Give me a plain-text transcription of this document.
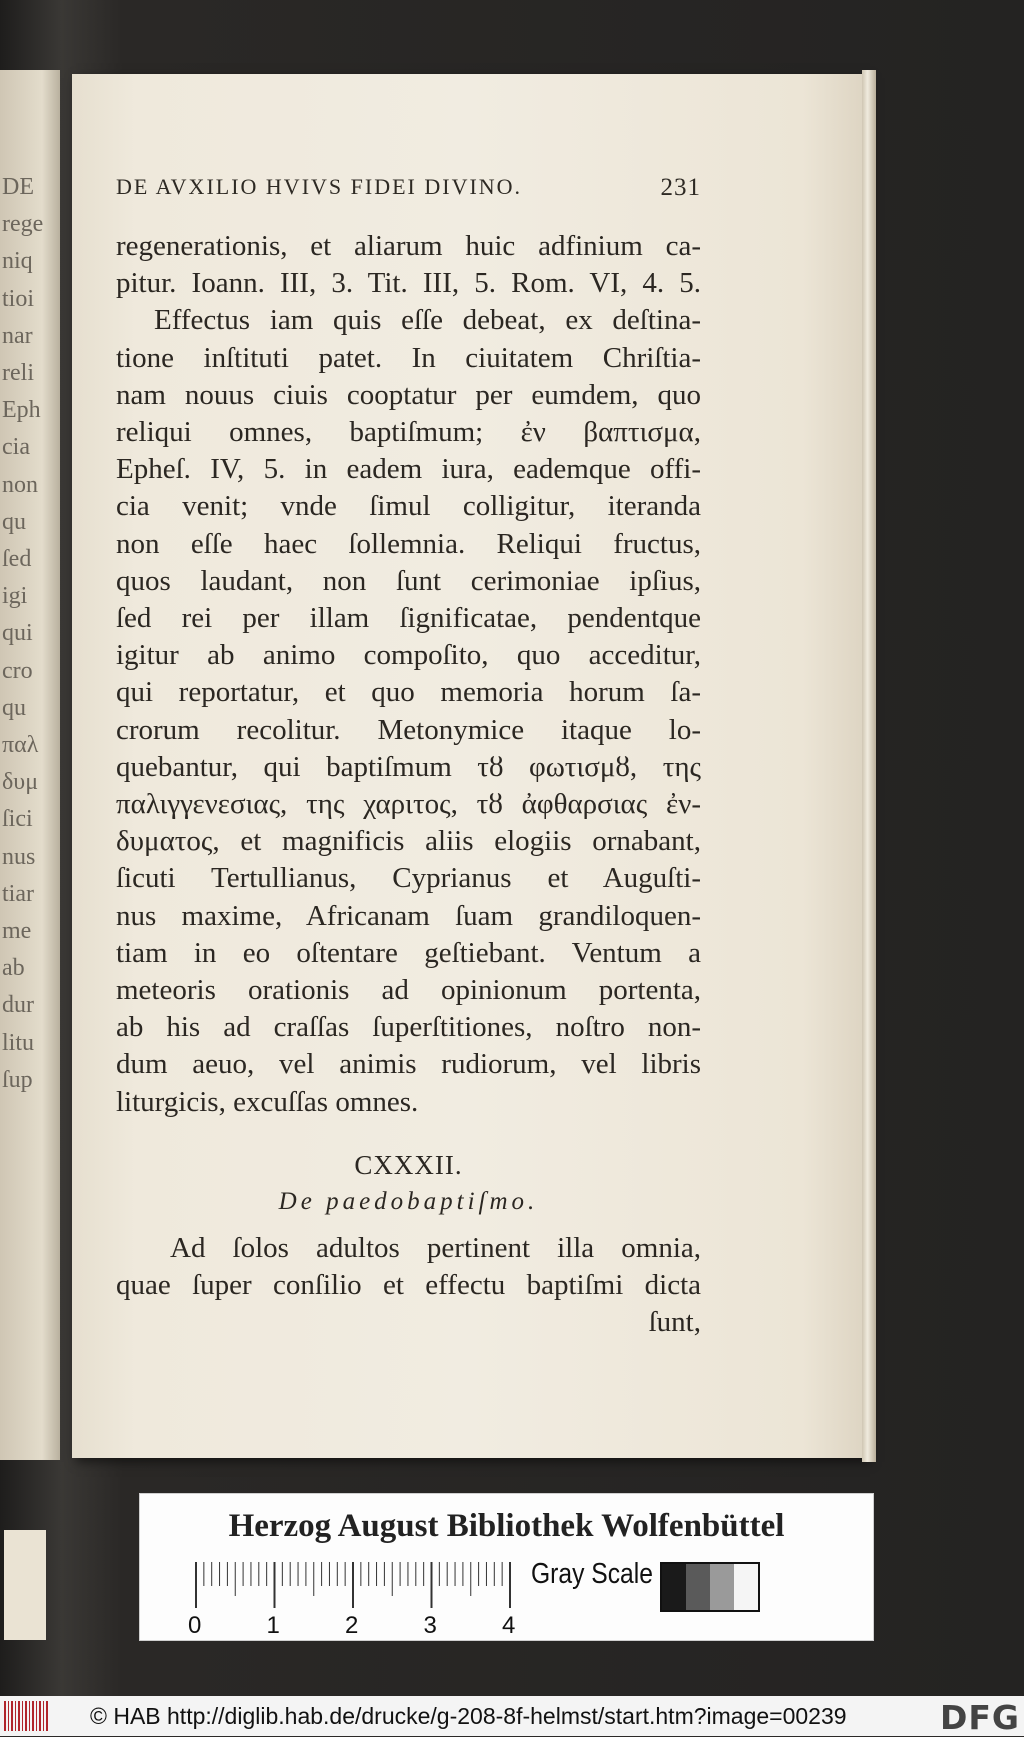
DE
rege
niq
tioi
nar
reli
Eph
cia
non
qu
ſed
igi
qui
cro
qu
παλ
δυμ
ſici
nus
tiar
me
ab
dur
litu
ſup
DE AVXILIO HVIVS FIDEI DIVINO.	231
regenerationis, et aliarum huic adfinium ca-
pitur. Ioann. III, 3. Tit. III, 5. Rom. VI, 4. 5.
Effectus iam quis eſſe debeat, ex deſtina-
tione inſtituti patet. In ciuitatem Chriſtia-
nam nouus ciuis cooptatur per eumdem, quo
reliqui omnes, baptiſmum; ἐν βαπτισμα,
Epheſ. IV, 5. in eadem iura, eademque offi-
cia venit; vnde ſimul colligitur, iteranda
non eſſe haec ſollemnia. Reliqui fructus,
quos laudant, non ſunt cerimoniae ipſius,
ſed rei per illam ſignificatae, pendentque
igitur ab animo compoſito, quo acceditur,
qui reportatur, et quo memoria horum ſa-
crorum recolitur. Metonymice itaque lo-
quebantur, qui baptiſmum τȣ φωτισμȣ, της
παλιγγενεσιας, της χαριτος, τȣ ἀφθαρσιας ἐν-
δυματος, et magnificis aliis elogiis ornabant,
ſicuti Tertullianus, Cyprianus et Auguſti-
nus maxime, Africanam ſuam grandiloquen-
tiam in eo oſtentare geſtiebant. Ventum a
meteoris orationis ad opinionum portenta,
ab his ad craſſas ſuperſtitiones, noſtro non-
dum aeuo, vel animis rudiorum, vel libris
liturgicis, excuſſas omnes.
CXXXII.
De paedobaptiſmo.
Ad ſolos adultos pertinent illa omnia,
quae ſuper conſilio et effectu baptiſmi dicta
ſunt,
Herzog August Bibliothek Wolfenbüttel
0	1	2	3	4
Gray Scale
© HAB http://diglib.hab.de/drucke/g-208-8f-helmst/start.htm?image=00239	DFG
